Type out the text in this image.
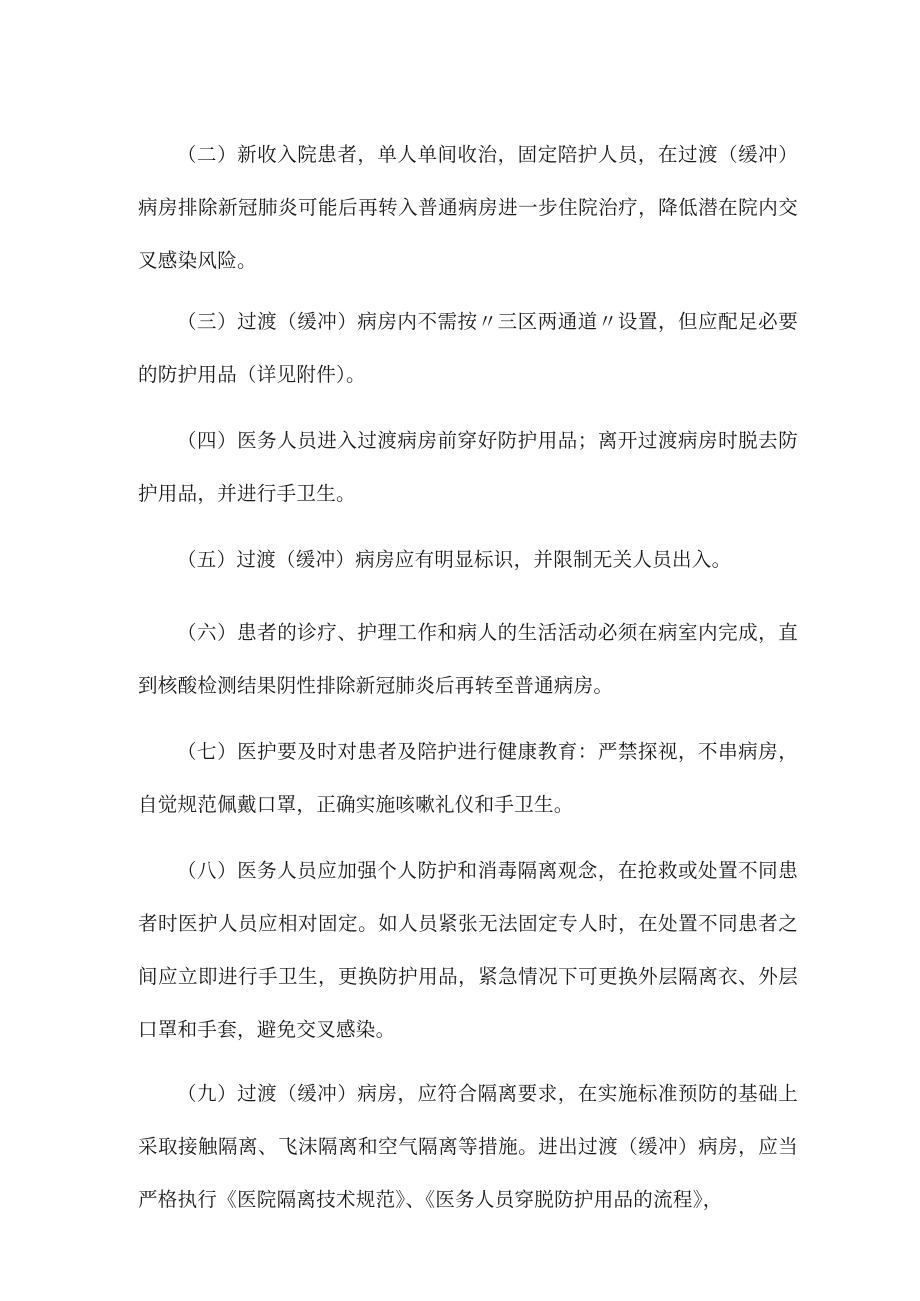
（二）新收入院患者，单人单间收治，固定陪护人员，在过渡（缓冲）病房排除新冠肺炎可能后再转入普通病房进一步住院治疗，降低潜在院内交叉感染风险。

（三）过渡（缓冲）病房内不需按〃三区两通道〃设置，但应配足必要的防护用品（详见附件）。

（四）医务人员进入过渡病房前穿好防护用品；离开过渡病房时脱去防护用品，并进行手卫生。

（五）过渡（缓冲）病房应有明显标识，并限制无关人员出入。

（六）患者的诊疗、护理工作和病人的生活活动必须在病室内完成，直到核酸检测结果阴性排除新冠肺炎后再转至普通病房。

（七）医护要及时对患者及陪护进行健康教育：严禁探视，不串病房，自觉规范佩戴口罩，正确实施咳嗽礼仪和手卫生。

（八）医务人员应加强个人防护和消毒隔离观念，在抢救或处置不同患者时医护人员应相对固定。如人员紧张无法固定专人时，在处置不同患者之间应立即进行手卫生，更换防护用品，紧急情况下可更换外层隔离衣、外层口罩和手套，避免交叉感染。

（九）过渡（缓冲）病房，应符合隔离要求，在实施标准预防的基础上采取接触隔离、飞沫隔离和空气隔离等措施。进出过渡（缓冲）病房，应当严格执行《医院隔离技术规范》、《医务人员穿脱防护用品的流程》，
